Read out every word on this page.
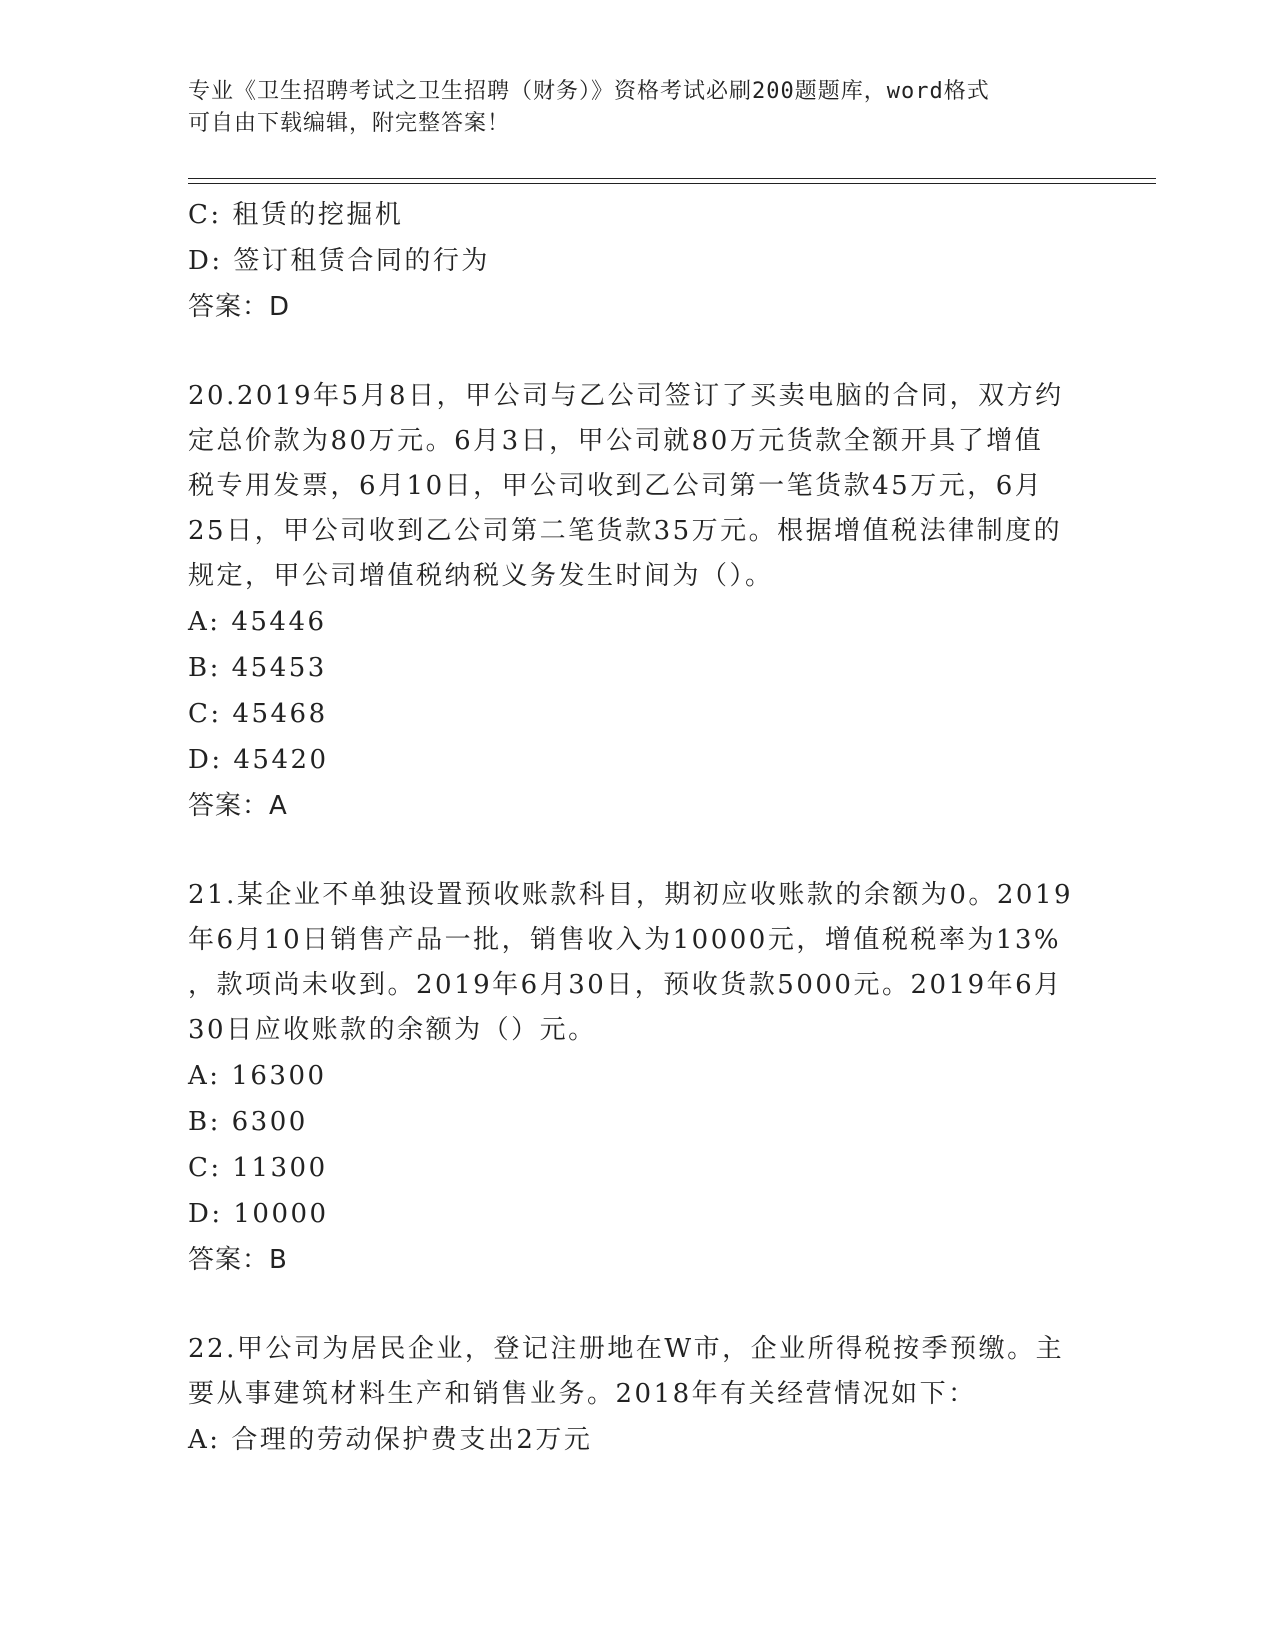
专业《卫生招聘考试之卫生招聘（财务）》资格考试必刷200题题库，word格式
可自由下载编辑，附完整答案！
C: 租赁的挖掘机
D: 签订租赁合同的行为
答案：D
20.2019年5月8日，甲公司与乙公司签订了买卖电脑的合同，双方约
定总价款为80万元。6月3日，甲公司就80万元货款全额开具了增值
税专用发票，6月10日，甲公司收到乙公司第一笔货款45万元，6月
25日，甲公司收到乙公司第二笔货款35万元。根据增值税法律制度的
规定，甲公司增值税纳税义务发生时间为（）。
A: 45446
B: 45453
C: 45468
D: 45420
答案：A
21.某企业不单独设置预收账款科目，期初应收账款的余额为0。2019
年6月10日销售产品一批，销售收入为10000元，增值税税率为13%
，款项尚未收到。2019年6月30日，预收货款5000元。2019年6月
30日应收账款的余额为（）元。
A: 16300
B: 6300
C: 11300
D: 10000
答案：B
22.甲公司为居民企业，登记注册地在W市，企业所得税按季预缴。主
要从事建筑材料生产和销售业务。2018年有关经营情况如下：
A: 合理的劳动保护费支出2万元
